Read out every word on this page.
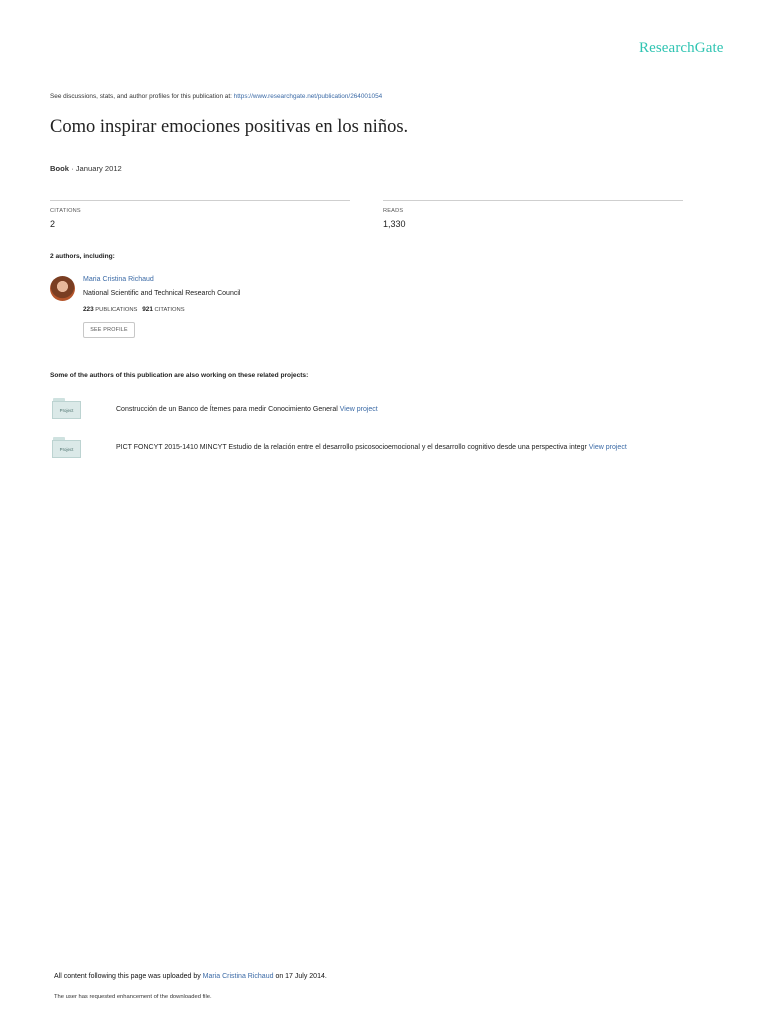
ResearchGate
See discussions, stats, and author profiles for this publication at: https://www.researchgate.net/publication/264001054
Como inspirar emociones positivas en los niños.
Book · January 2012
CITATIONS
2
READS
1,330
2 authors, including:
Maria Cristina Richaud
National Scientific and Technical Research Council
223 PUBLICATIONS 921 CITATIONS
SEE PROFILE
Some of the authors of this publication are also working on these related projects:
Project	Construcción de un Banco de Ítemes para medir Conocimiento General View project
Project	PICT FONCYT 2015-1410 MINCYT Estudio de la relación entre el desarrollo psicosocioemocional y el desarrollo cognitivo desde una perspectiva integr View project
All content following this page was uploaded by Maria Cristina Richaud on 17 July 2014.
The user has requested enhancement of the downloaded file.
